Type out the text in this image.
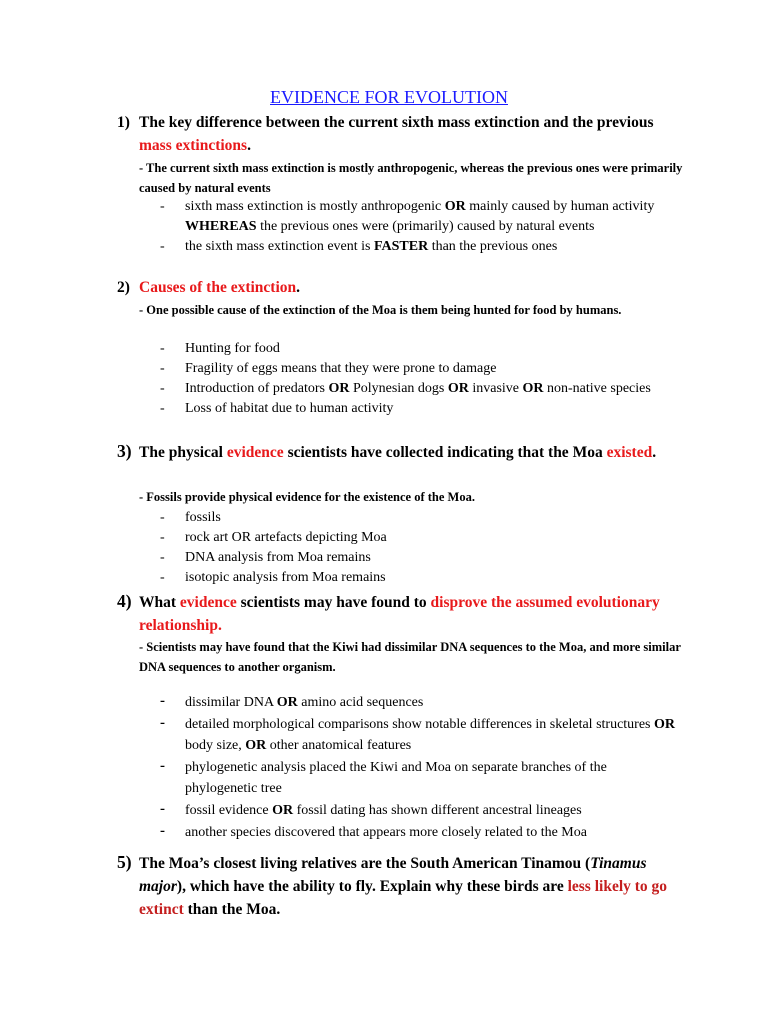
EVIDENCE FOR EVOLUTION
1) The key difference between the current sixth mass extinction and the previous mass extinctions.
- The current sixth mass extinction is mostly anthropogenic, whereas the previous ones were primarily caused by natural events
- sixth mass extinction is mostly anthropogenic OR mainly caused by human activity WHEREAS the previous ones were (primarily) caused by natural events
- the sixth mass extinction event is FASTER than the previous ones
2) Causes of the extinction.
- One possible cause of the extinction of the Moa is them being hunted for food by humans.
- Hunting for food
- Fragility of eggs means that they were prone to damage
- Introduction of predators OR Polynesian dogs OR invasive OR non-native species
- Loss of habitat due to human activity
3) The physical evidence scientists have collected indicating that the Moa existed.
- Fossils provide physical evidence for the existence of the Moa.
- fossils
- rock art OR artefacts depicting Moa
- DNA analysis from Moa remains
- isotopic analysis from Moa remains
4) What evidence scientists may have found to disprove the assumed evolutionary relationship.
- Scientists may have found that the Kiwi had dissimilar DNA sequences to the Moa, and more similar DNA sequences to another organism.
- dissimilar DNA OR amino acid sequences
- detailed morphological comparisons show notable differences in skeletal structures OR body size, OR other anatomical features
- phylogenetic analysis placed the Kiwi and Moa on separate branches of the phylogenetic tree
- fossil evidence OR fossil dating has shown different ancestral lineages
- another species discovered that appears more closely related to the Moa
5) The Moa’s closest living relatives are the South American Tinamou (Tinamus major), which have the ability to fly. Explain why these birds are less likely to go extinct than the Moa.
